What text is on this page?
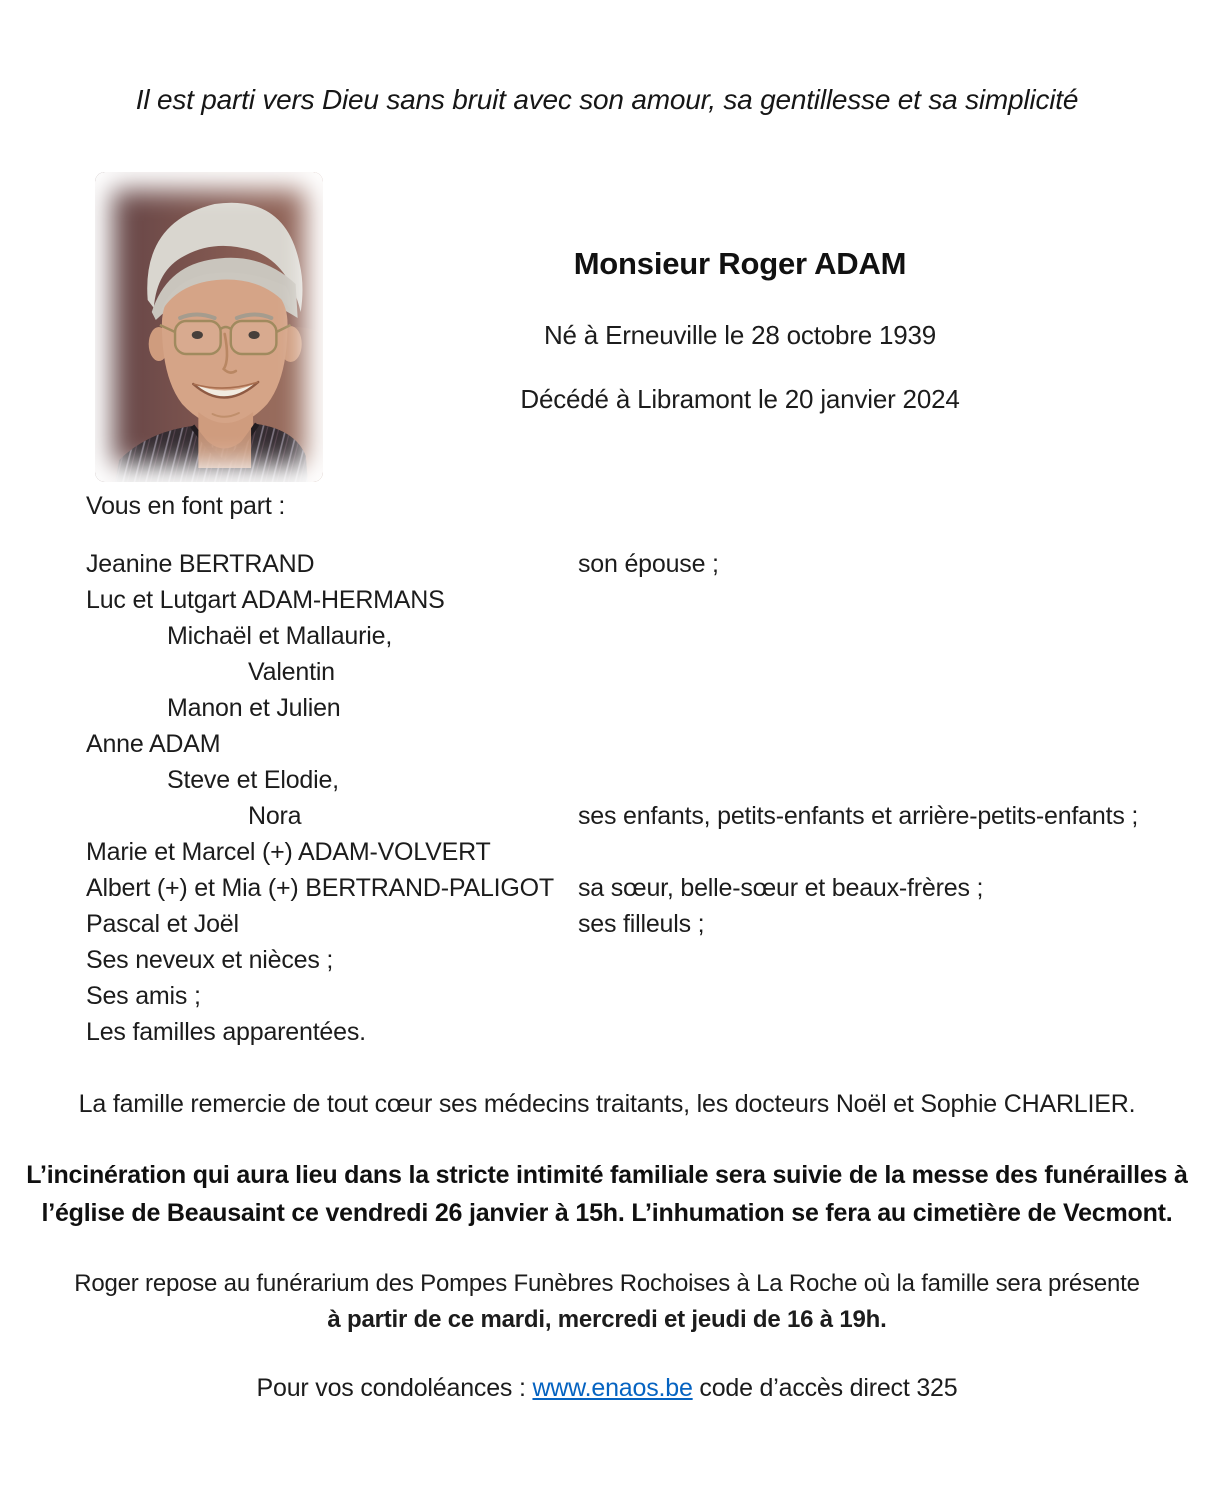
Il est parti vers Dieu sans bruit avec son amour, sa gentillesse et sa simplicité
Monsieur Roger ADAM
Né à Erneuville le 28 octobre 1939
Décédé à Libramont le 20 janvier 2024
Vous en font part :
Jeanine BERTRAND	son épouse ;
Luc et Lutgart ADAM-HERMANS
Michaël et Mallaurie,
Valentin
Manon et Julien
Anne ADAM
Steve et Elodie,
Nora	ses enfants, petits-enfants et arrière-petits-enfants ;
Marie et Marcel (+) ADAM-VOLVERT
Albert (+) et Mia (+) BERTRAND-PALIGOT sa sœur, belle-sœur et beaux-frères ;
Pascal et Joël	ses filleuls ;
Ses neveux et nièces ;
Ses amis ;
Les familles apparentées.
La famille remercie de tout cœur ses médecins traitants, les docteurs Noël et Sophie CHARLIER.
L’incinération qui aura lieu dans la stricte intimité familiale sera suivie de la messe des funérailles à l’église de Beausaint ce vendredi 26 janvier à 15h. L’inhumation se fera au cimetière de Vecmont.
Roger repose au funérarium des Pompes Funèbres Rochoises à La Roche où la famille sera présente
à partir de ce mardi, mercredi et jeudi de 16 à 19h.
Pour vos condoléances : www.enaos.be code d’accès direct 325
